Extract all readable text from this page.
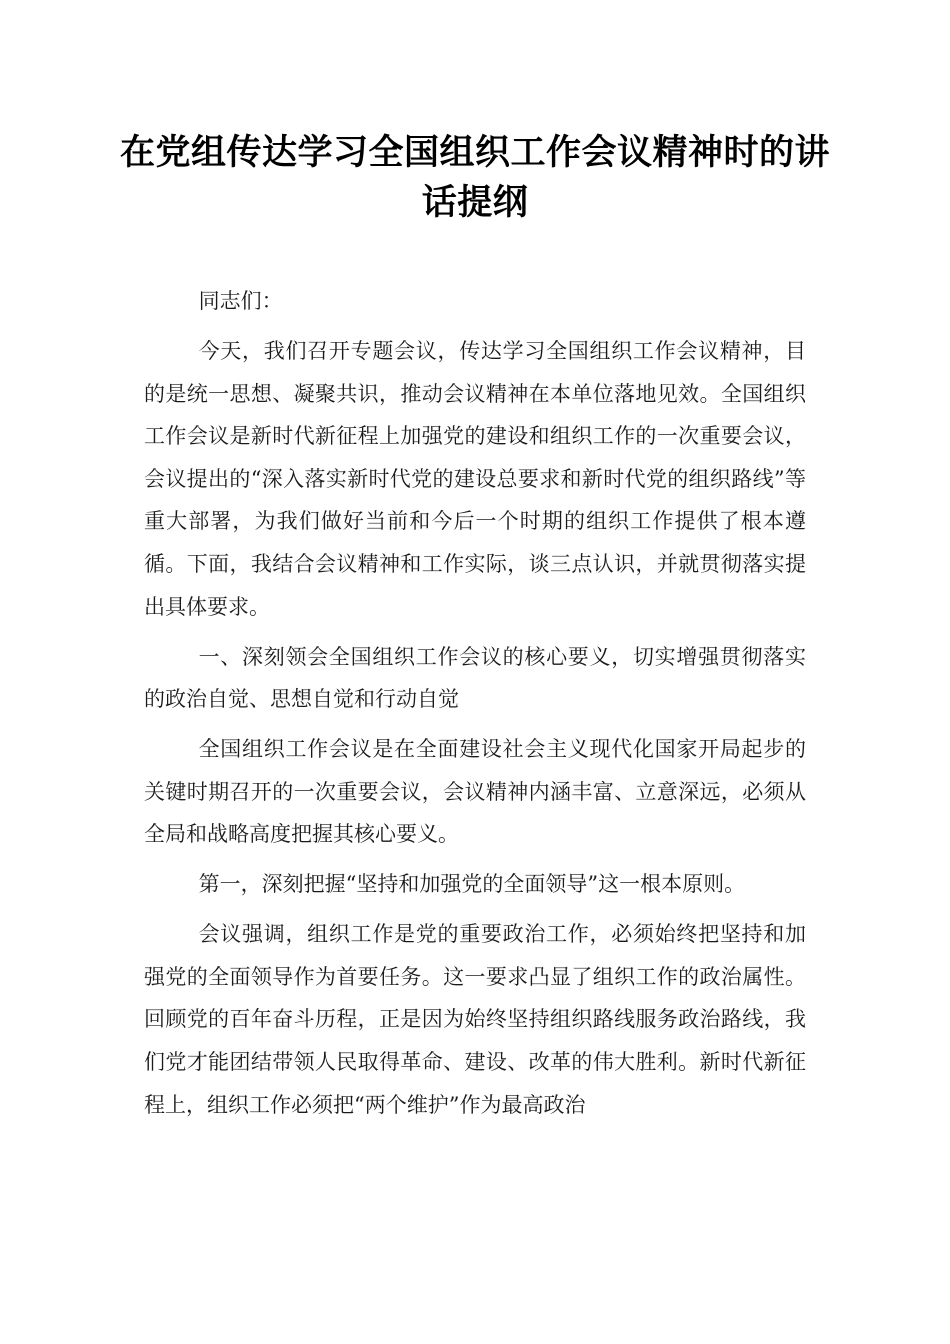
在党组传达学习全国组织工作会议精神时的讲话提纲

同志们：

今天，我们召开专题会议，传达学习全国组织工作会议精神，目的是统一思想、凝聚共识，推动会议精神在本单位落地见效。全国组织工作会议是新时代新征程上加强党的建设和组织工作的一次重要会议，会议提出的“深入落实新时代党的建设总要求和新时代党的组织路线”等重大部署，为我们做好当前和今后一个时期的组织工作提供了根本遵循。下面，我结合会议精神和工作实际，谈三点认识，并就贯彻落实提出具体要求。

一、深刻领会全国组织工作会议的核心要义，切实增强贯彻落实的政治自觉、思想自觉和行动自觉

全国组织工作会议是在全面建设社会主义现代化国家开局起步的关键时期召开的一次重要会议，会议精神内涵丰富、立意深远，必须从全局和战略高度把握其核心要义。

第一，深刻把握“坚持和加强党的全面领导”这一根本原则。

会议强调，组织工作是党的重要政治工作，必须始终把坚持和加强党的全面领导作为首要任务。这一要求凸显了组织工作的政治属性。回顾党的百年奋斗历程，正是因为始终坚持组织路线服务政治路线，我们党才能团结带领人民取得革命、建设、改革的伟大胜利。新时代新征程上，组织工作必须把“两个维护”作为最高政治
